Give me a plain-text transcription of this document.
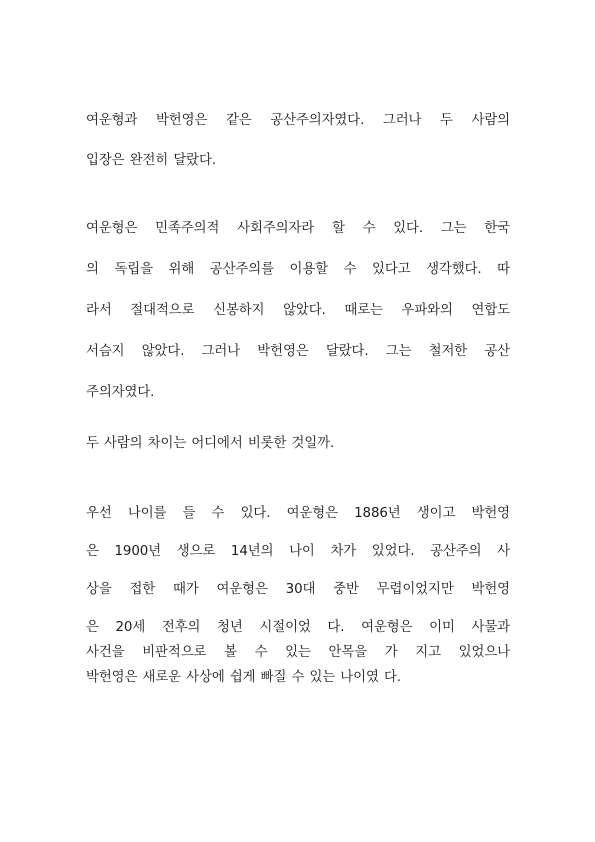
여운형과 박헌영은 같은 공산주의자였다. 그러나 두 사람의
입장은 완전히 달랐다.
여운형은 민족주의적 사회주의자라 할 수 있다. 그는 한국
의 독립을 위해 공산주의를 이용할 수 있다고 생각했다. 따
라서 절대적으로 신봉하지 않았다. 때로는 우파와의 연합도
서슴지 않았다. 그러나 박헌영은 달랐다. 그는 철저한 공산
주의자였다.
두 사람의 차이는 어디에서 비롯한 것일까.
우선 나이를 들 수 있다. 여운형은 1886년 생이고 박헌영
은 1900년 생으로 14년의 나이 차가 있었다. 공산주의 사
상을 접한 때가 여운형은 30대 중반 무렵이었지만 박헌영
은 20세 전후의 청년 시절이었 다. 여운형은 이미 사물과
사건을 비판적으로 볼 수 있는 안목을 가 지고 있었으나
박헌영은 새로운 사상에 쉽게 빠질 수 있는 나이였 다.
